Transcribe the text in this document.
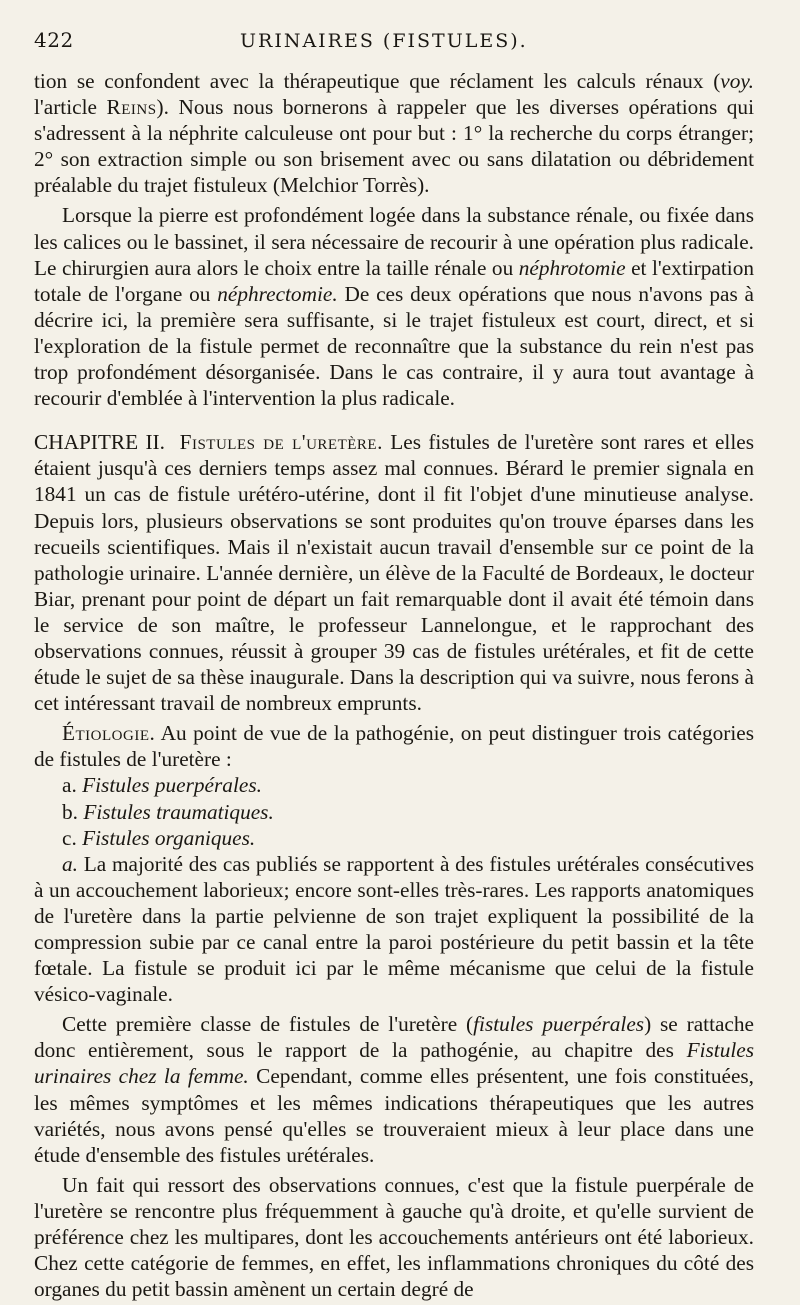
422	URINAIRES (FISTULES).

tion se confondent avec la thérapeutique que réclament les calculs rénaux (voy. l'article Reins). Nous nous bornerons à rappeler que les diverses opérations qui s'adressent à la néphrite calculeuse ont pour but : 1° la recherche du corps étranger; 2° son extraction simple ou son brisement avec ou sans dilatation ou débridement préalable du trajet fistuleux (Melchior Torrès).

Lorsque la pierre est profondément logée dans la substance rénale, ou fixée dans les calices ou le bassinet, il sera nécessaire de recourir à une opération plus radicale. Le chirurgien aura alors le choix entre la taille rénale ou néphrotomie et l'extirpation totale de l'organe ou néphrectomie. De ces deux opérations que nous n'avons pas à décrire ici, la première sera suffisante, si le trajet fistuleux est court, direct, et si l'exploration de la fistule permet de reconnaître que la substance du rein n'est pas trop profondément désorganisée. Dans le cas contraire, il y aura tout avantage à recourir d'emblée à l'intervention la plus radicale.

CHAPITRE II. Fistules de l'uretère. Les fistules de l'uretère sont rares et elles étaient jusqu'à ces derniers temps assez mal connues. Bérard le premier signala en 1841 un cas de fistule urétéro-utérine, dont il fit l'objet d'une minutieuse analyse. Depuis lors, plusieurs observations se sont produites qu'on trouve éparses dans les recueils scientifiques. Mais il n'existait aucun travail d'ensemble sur ce point de la pathologie urinaire. L'année dernière, un élève de la Faculté de Bordeaux, le docteur Biar, prenant pour point de départ un fait remarquable dont il avait été témoin dans le service de son maître, le professeur Lannelongue, et le rapprochant des observations connues, réussit à grouper 39 cas de fistules urétérales, et fit de cette étude le sujet de sa thèse inaugurale. Dans la description qui va suivre, nous ferons à cet intéressant travail de nombreux emprunts.

Étiologie. Au point de vue de la pathogénie, on peut distinguer trois catégories de fistules de l'uretère :

a. Fistules puerpérales.

b. Fistules traumatiques.

c. Fistules organiques.

a. La majorité des cas publiés se rapportent à des fistules urétérales consécutives à un accouchement laborieux; encore sont-elles très-rares. Les rapports anatomiques de l'uretère dans la partie pelvienne de son trajet expliquent la possibilité de la compression subie par ce canal entre la paroi postérieure du petit bassin et la tête fœtale. La fistule se produit ici par le même mécanisme que celui de la fistule vésico-vaginale.

Cette première classe de fistules de l'uretère (fistules puerpérales) se rattache donc entièrement, sous le rapport de la pathogénie, au chapitre des Fistules urinaires chez la femme. Cependant, comme elles présentent, une fois constituées, les mêmes symptômes et les mêmes indications thérapeutiques que les autres variétés, nous avons pensé qu'elles se trouveraient mieux à leur place dans une étude d'ensemble des fistules urétérales.

Un fait qui ressort des observations connues, c'est que la fistule puerpérale de l'uretère se rencontre plus fréquemment à gauche qu'à droite, et qu'elle survient de préférence chez les multipares, dont les accouchements antérieurs ont été laborieux. Chez cette catégorie de femmes, en effet, les inflammations chroniques du côté des organes du petit bassin amènent un certain degré de
